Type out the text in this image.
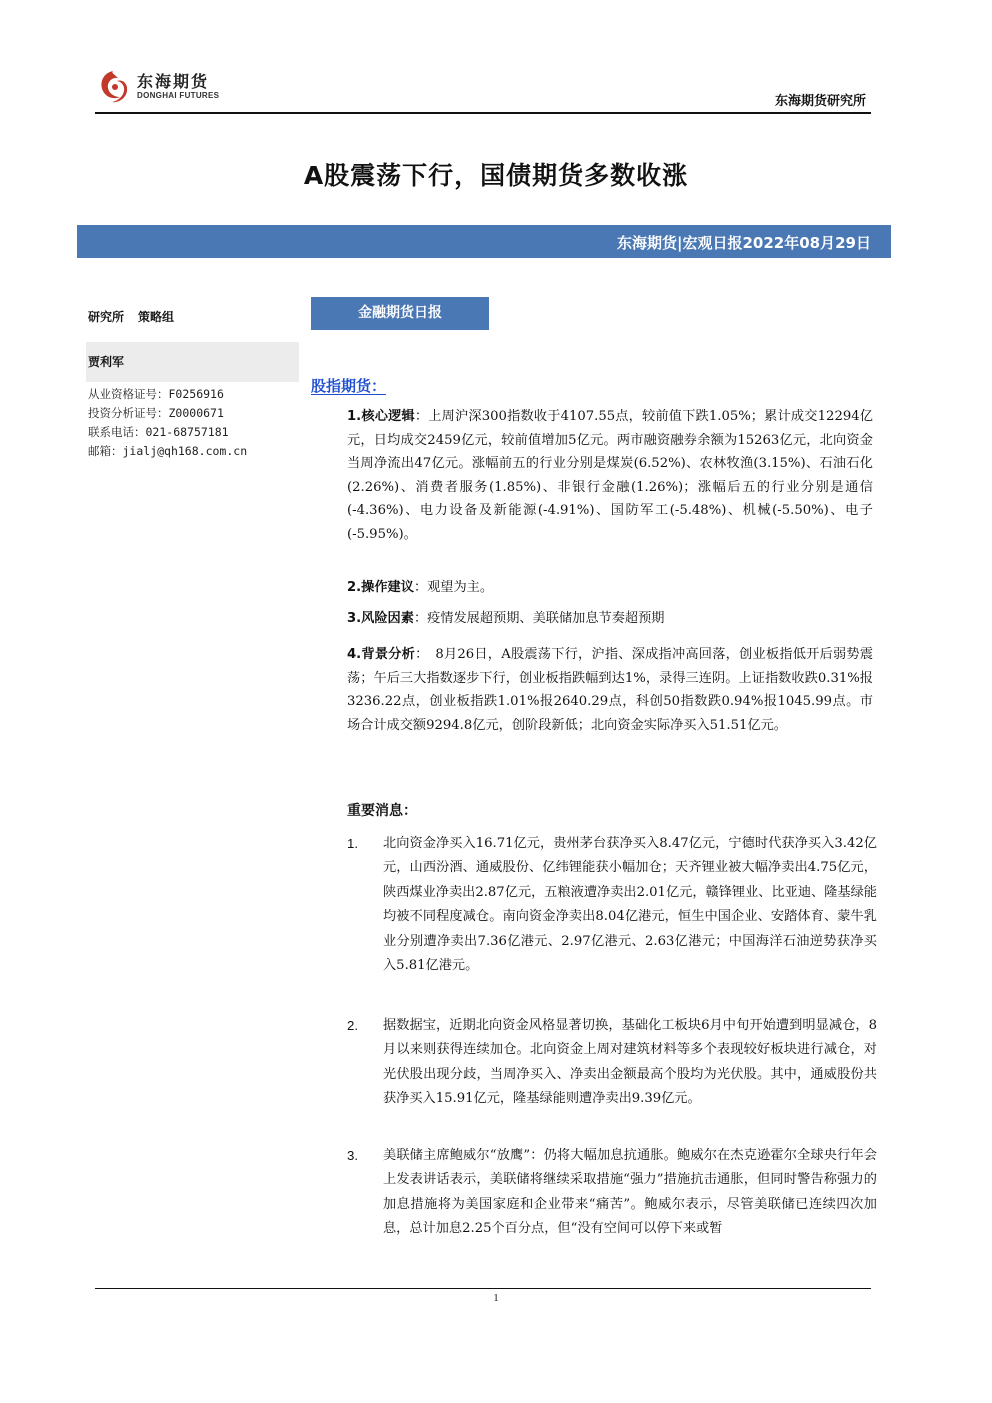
东海期货
DONGHAI FUTURES	东海期货研究所
A股震荡下行，国债期货多数收涨
东海期货|宏观日报2022年08月29日
研究所 策略组
贾利军
从业资格证号：F0256916
投资分析证号：Z0000671
联系电话：021-68757181
邮箱：jialj@qh168.com.cn
金融期货日报
股指期货：
1.核心逻辑：上周沪深300指数收于4107.55点，较前值下跌1.05%；累计成交12294亿元，日均成交2459亿元，较前值增加5亿元。两市融资融券余额为15263亿元，北向资金当周净流出47亿元。涨幅前五的行业分别是煤炭(6.52%)、农林牧渔(3.15%)、石油石化(2.26%)、消费者服务(1.85%)、非银行金融(1.26%)；涨幅后五的行业分别是通信(-4.36%)、电力设备及新能源(-4.91%)、国防军工(-5.48%)、机械(-5.50%)、电子(-5.95%)。
2.操作建议：观望为主。
3.风险因素：疫情发展超预期、美联储加息节奏超预期
4.背景分析：　8月26日，A股震荡下行，沪指、深成指冲高回落，创业板指低开后弱势震荡；午后三大指数逐步下行，创业板指跌幅到达1%，录得三连阴。上证指数收跌0.31%报3236.22点，创业板指跌1.01%报2640.29点，科创50指数跌0.94%报1045.99点。市场合计成交额9294.8亿元，创阶段新低；北向资金实际净买入51.51亿元。
重要消息：
1.	北向资金净买入16.71亿元，贵州茅台获净买入8.47亿元，宁德时代获净买入3.42亿元，山西汾酒、通威股份、亿纬锂能获小幅加仓；天齐锂业被大幅净卖出4.75亿元，陕西煤业净卖出2.87亿元，五粮液遭净卖出2.01亿元，赣锋锂业、比亚迪、隆基绿能均被不同程度减仓。南向资金净卖出8.04亿港元，恒生中国企业、安踏体育、蒙牛乳业分别遭净卖出7.36亿港元、2.97亿港元、2.63亿港元；中国海洋石油逆势获净买入5.81亿港元。
2.	据数据宝，近期北向资金风格显著切换，基础化工板块6月中旬开始遭到明显减仓，8月以来则获得连续加仓。北向资金上周对建筑材料等多个表现较好板块进行减仓，对光伏股出现分歧，当周净买入、净卖出金额最高个股均为光伏股。其中，通威股份共获净买入15.91亿元，隆基绿能则遭净卖出9.39亿元。
3.	美联储主席鲍威尔“放鹰”：仍将大幅加息抗通胀。鲍威尔在杰克逊霍尔全球央行年会上发表讲话表示，美联储将继续采取措施“强力”措施抗击通胀，但同时警告称强力的加息措施将为美国家庭和企业带来“痛苦”。鲍威尔表示，尽管美联储已连续四次加息，总计加息2.25个百分点，但“没有空间可以停下来或暂
1
